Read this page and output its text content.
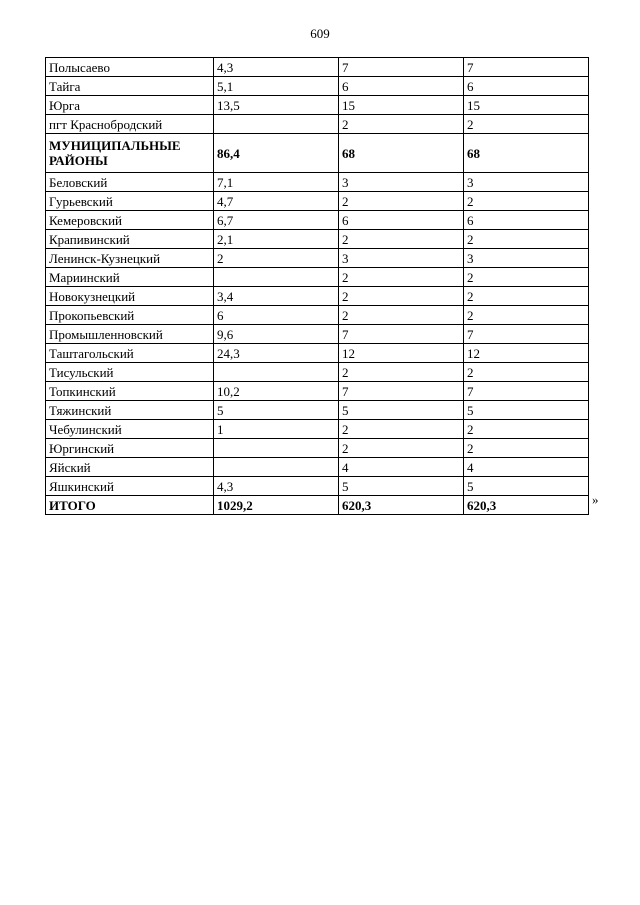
609
Полысаево	4,3	7	7
Тайга	5,1	6	6
Юрга	13,5	15	15
пгт Краснобродский		2	2
МУНИЦИПАЛЬНЫЕ РАЙОНЫ	86,4	68	68
Беловский	7,1	3	3
Гурьевский	4,7	2	2
Кемеровский	6,7	6	6
Крапивинский	2,1	2	2
Ленинск-Кузнецкий	2	3	3
Мариинский		2	2
Новокузнецкий	3,4	2	2
Прокопьевский	6	2	2
Промышленновский	9,6	7	7
Таштагольский	24,3	12	12
Тисульский		2	2
Топкинский	10,2	7	7
Тяжинский	5	5	5
Чебулинский	1	2	2
Юргинский		2	2
Яйский		4	4
Яшкинский	4,3	5	5
ИТОГО	1029,2	620,3	620,3	»
